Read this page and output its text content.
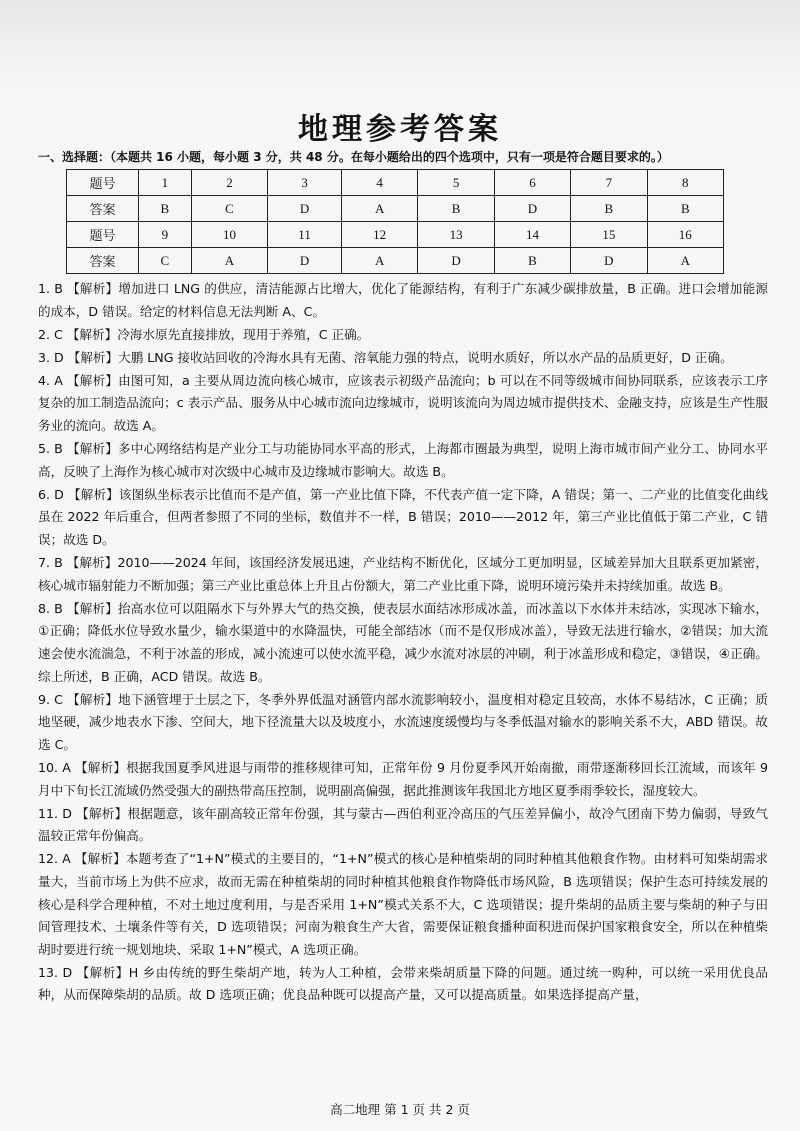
地理参考答案
一、选择题：（本题共 16 小题，每小题 3 分，共 48 分。在每小题给出的四个选项中，只有一项是符合题目要求的。）
题号	1	2	3	4	5	6	7	8
答案	B	C	D	A	B	D	B	B
题号	9	10	11	12	13	14	15	16
答案	C	A	D	A	D	B	D	A

1. B 【解析】增加进口 LNG 的供应，清洁能源占比增大，优化了能源结构，有利于广东减少碳排放量，B 正确。进口会增加能源的成本，D 错误。给定的材料信息无法判断 A、C。

2. C 【解析】冷海水原先直接排放，现用于养殖，C 正确。

3. D 【解析】大鹏 LNG 接收站回收的冷海水具有无菌、溶氧能力强的特点，说明水质好，所以水产品的品质更好，D 正确。

4. A 【解析】由图可知，a 主要从周边流向核心城市，应该表示初级产品流向；b 可以在不同等级城市间协同联系，应该表示工序复杂的加工制造品流向；c 表示产品、服务从中心城市流向边缘城市，说明该流向为周边城市提供技术、金融支持，应该是生产性服务业的流向。故选 A。

5. B 【解析】多中心网络结构是产业分工与功能协同水平高的形式，上海都市圈最为典型，说明上海市城市间产业分工、协同水平高，反映了上海作为核心城市对次级中心城市及边缘城市影响大。故选 B。

6. D 【解析】该图纵坐标表示比值而不是产值，第一产业比值下降，不代表产值一定下降，A 错误；第一、二产业的比值变化曲线虽在 2022 年后重合，但两者参照了不同的坐标，数值并不一样，B 错误；2010——2012 年，第三产业比值低于第二产业，C 错误；故选 D。

7. B 【解析】2010——2024 年间，该国经济发展迅速，产业结构不断优化，区域分工更加明显，区域差异加大且联系更加紧密，核心城市辐射能力不断加强；第三产业比重总体上升且占份额大，第二产业比重下降，说明环境污染并未持续加重。故选 B。

8. B 【解析】抬高水位可以阻隔水下与外界大气的热交换，使表层水面结冰形成冰盖，而冰盖以下水体并未结冰，实现冰下输水，①正确；降低水位导致水量少，输水渠道中的水降温快，可能全部结冰（而不是仅形成冰盖），导致无法进行输水，②错误；加大流速会使水流湍急，不利于冰盖的形成，减小流速可以使水流平稳，减少水流对冰层的冲刷，利于冰盖形成和稳定，③错误，④正确。综上所述，B 正确，ACD 错误。故选 B。

9. C 【解析】地下涵管埋于土层之下，冬季外界低温对涵管内部水流影响较小，温度相对稳定且较高，水体不易结冰，C 正确；质地坚硬，减少地表水下渗、空间大，地下径流量大以及坡度小，水流速度缓慢均与冬季低温对输水的影响关系不大，ABD 错误。故选 C。

10. A 【解析】根据我国夏季风进退与雨带的推移规律可知，正常年份 9 月份夏季风开始南撤，雨带逐渐移回长江流域，而该年 9 月中下旬长江流域仍然受强大的副热带高压控制，说明副高偏强，据此推测该年我国北方地区夏季雨季较长，湿度较大。

11. D 【解析】根据题意，该年副高较正常年份强，其与蒙古—西伯利亚冷高压的气压差异偏小，故冷气团南下势力偏弱，导致气温较正常年份偏高。

12. A 【解析】本题考查了“1+N”模式的主要目的，“1+N”模式的核心是种植柴胡的同时种植其他粮食作物。由材料可知柴胡需求量大，当前市场上为供不应求，故而无需在种植柴胡的同时种植其他粮食作物降低市场风险，B 选项错误；保护生态可持续发展的核心是科学合理种植，不对土地过度利用，与是否采用 1+N”模式关系不大，C 选项错误；提升柴胡的品质主要与柴胡的种子与田间管理技术、土壤条件等有关，D 选项错误；河南为粮食生产大省，需要保证粮食播种面积进而保护国家粮食安全，所以在种植柴胡时要进行统一规划地块、采取 1+N”模式，A 选项正确。

13. D 【解析】H 乡由传统的野生柴胡产地，转为人工种植，会带来柴胡质量下降的问题。通过统一购种，可以统一采用优良品种，从而保障柴胡的品质。故 D 选项正确；优良品种既可以提高产量，又可以提高质量。如果选择提高产量，

高二地理 第 1 页 共 2 页
